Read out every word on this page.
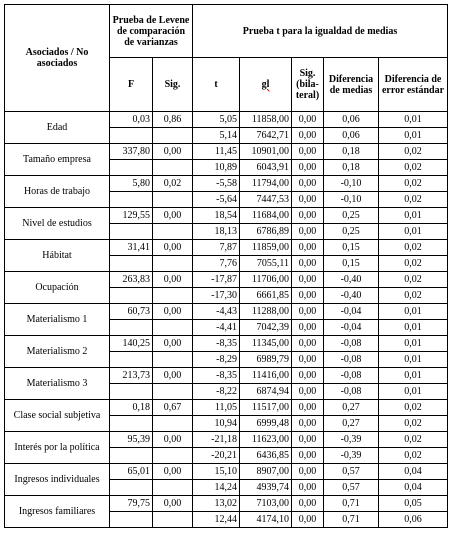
Asociados / No asociados	Prueba de Levene de comparación de varianzas		Prueba t para la igualdad de medias				
	F	Sig.	t	gl	Sig. (bila-teral)	Diferencia de medias	Diferencia de error estándar
Edad	0,03	0,86	5,05	11858,00	0,00	0,06	0,01
			5,14	7642,71	0,00	0,06	0,01
Tamaño empresa	337,80	0,00	11,45	10901,00	0,00	0,18	0,02
			10,89	6043,91	0,00	0,18	0,02
Horas de trabajo	5,80	0,02	-5,58	11794,00	0,00	-0,10	0,02
			-5,64	7447,53	0,00	-0,10	0,02
Nivel de estudios	129,55	0,00	18,54	11684,00	0,00	0,25	0,01
			18,13	6786,89	0,00	0,25	0,01
Hábitat	31,41	0,00	7,87	11859,00	0,00	0,15	0,02
			7,76	7055,11	0,00	0,15	0,02
Ocupación	263,83	0,00	-17,87	11706,00	0,00	-0,40	0,02
			-17,30	6661,85	0,00	-0,40	0,02
Materialismo 1	60,73	0,00	-4,43	11288,00	0,00	-0,04	0,01
			-4,41	7042,39	0,00	-0,04	0,01
Materialismo 2	140,25	0,00	-8,35	11345,00	0,00	-0,08	0,01
			-8,29	6989,79	0,00	-0,08	0,01
Materialismo 3	213,73	0,00	-8,35	11416,00	0,00	-0,08	0,01
			-8,22	6874,94	0,00	-0,08	0,01
Clase social subjetiva	0,18	0,67	11,05	11517,00	0,00	0,27	0,02
			10,94	6999,48	0,00	0,27	0,02
Interés por la política	95,39	0,00	-21,18	11623,00	0,00	-0,39	0,02
			-20,21	6436,85	0,00	-0,39	0,02
Ingresos individuales	65,01	0,00	15,10	8907,00	0,00	0,57	0,04
			14,24	4939,74	0,00	0,57	0,04
Ingresos familiares	79,75	0,00	13,02	7103,00	0,00	0,71	0,05
			12,44	4174,10	0,00	0,71	0,06
